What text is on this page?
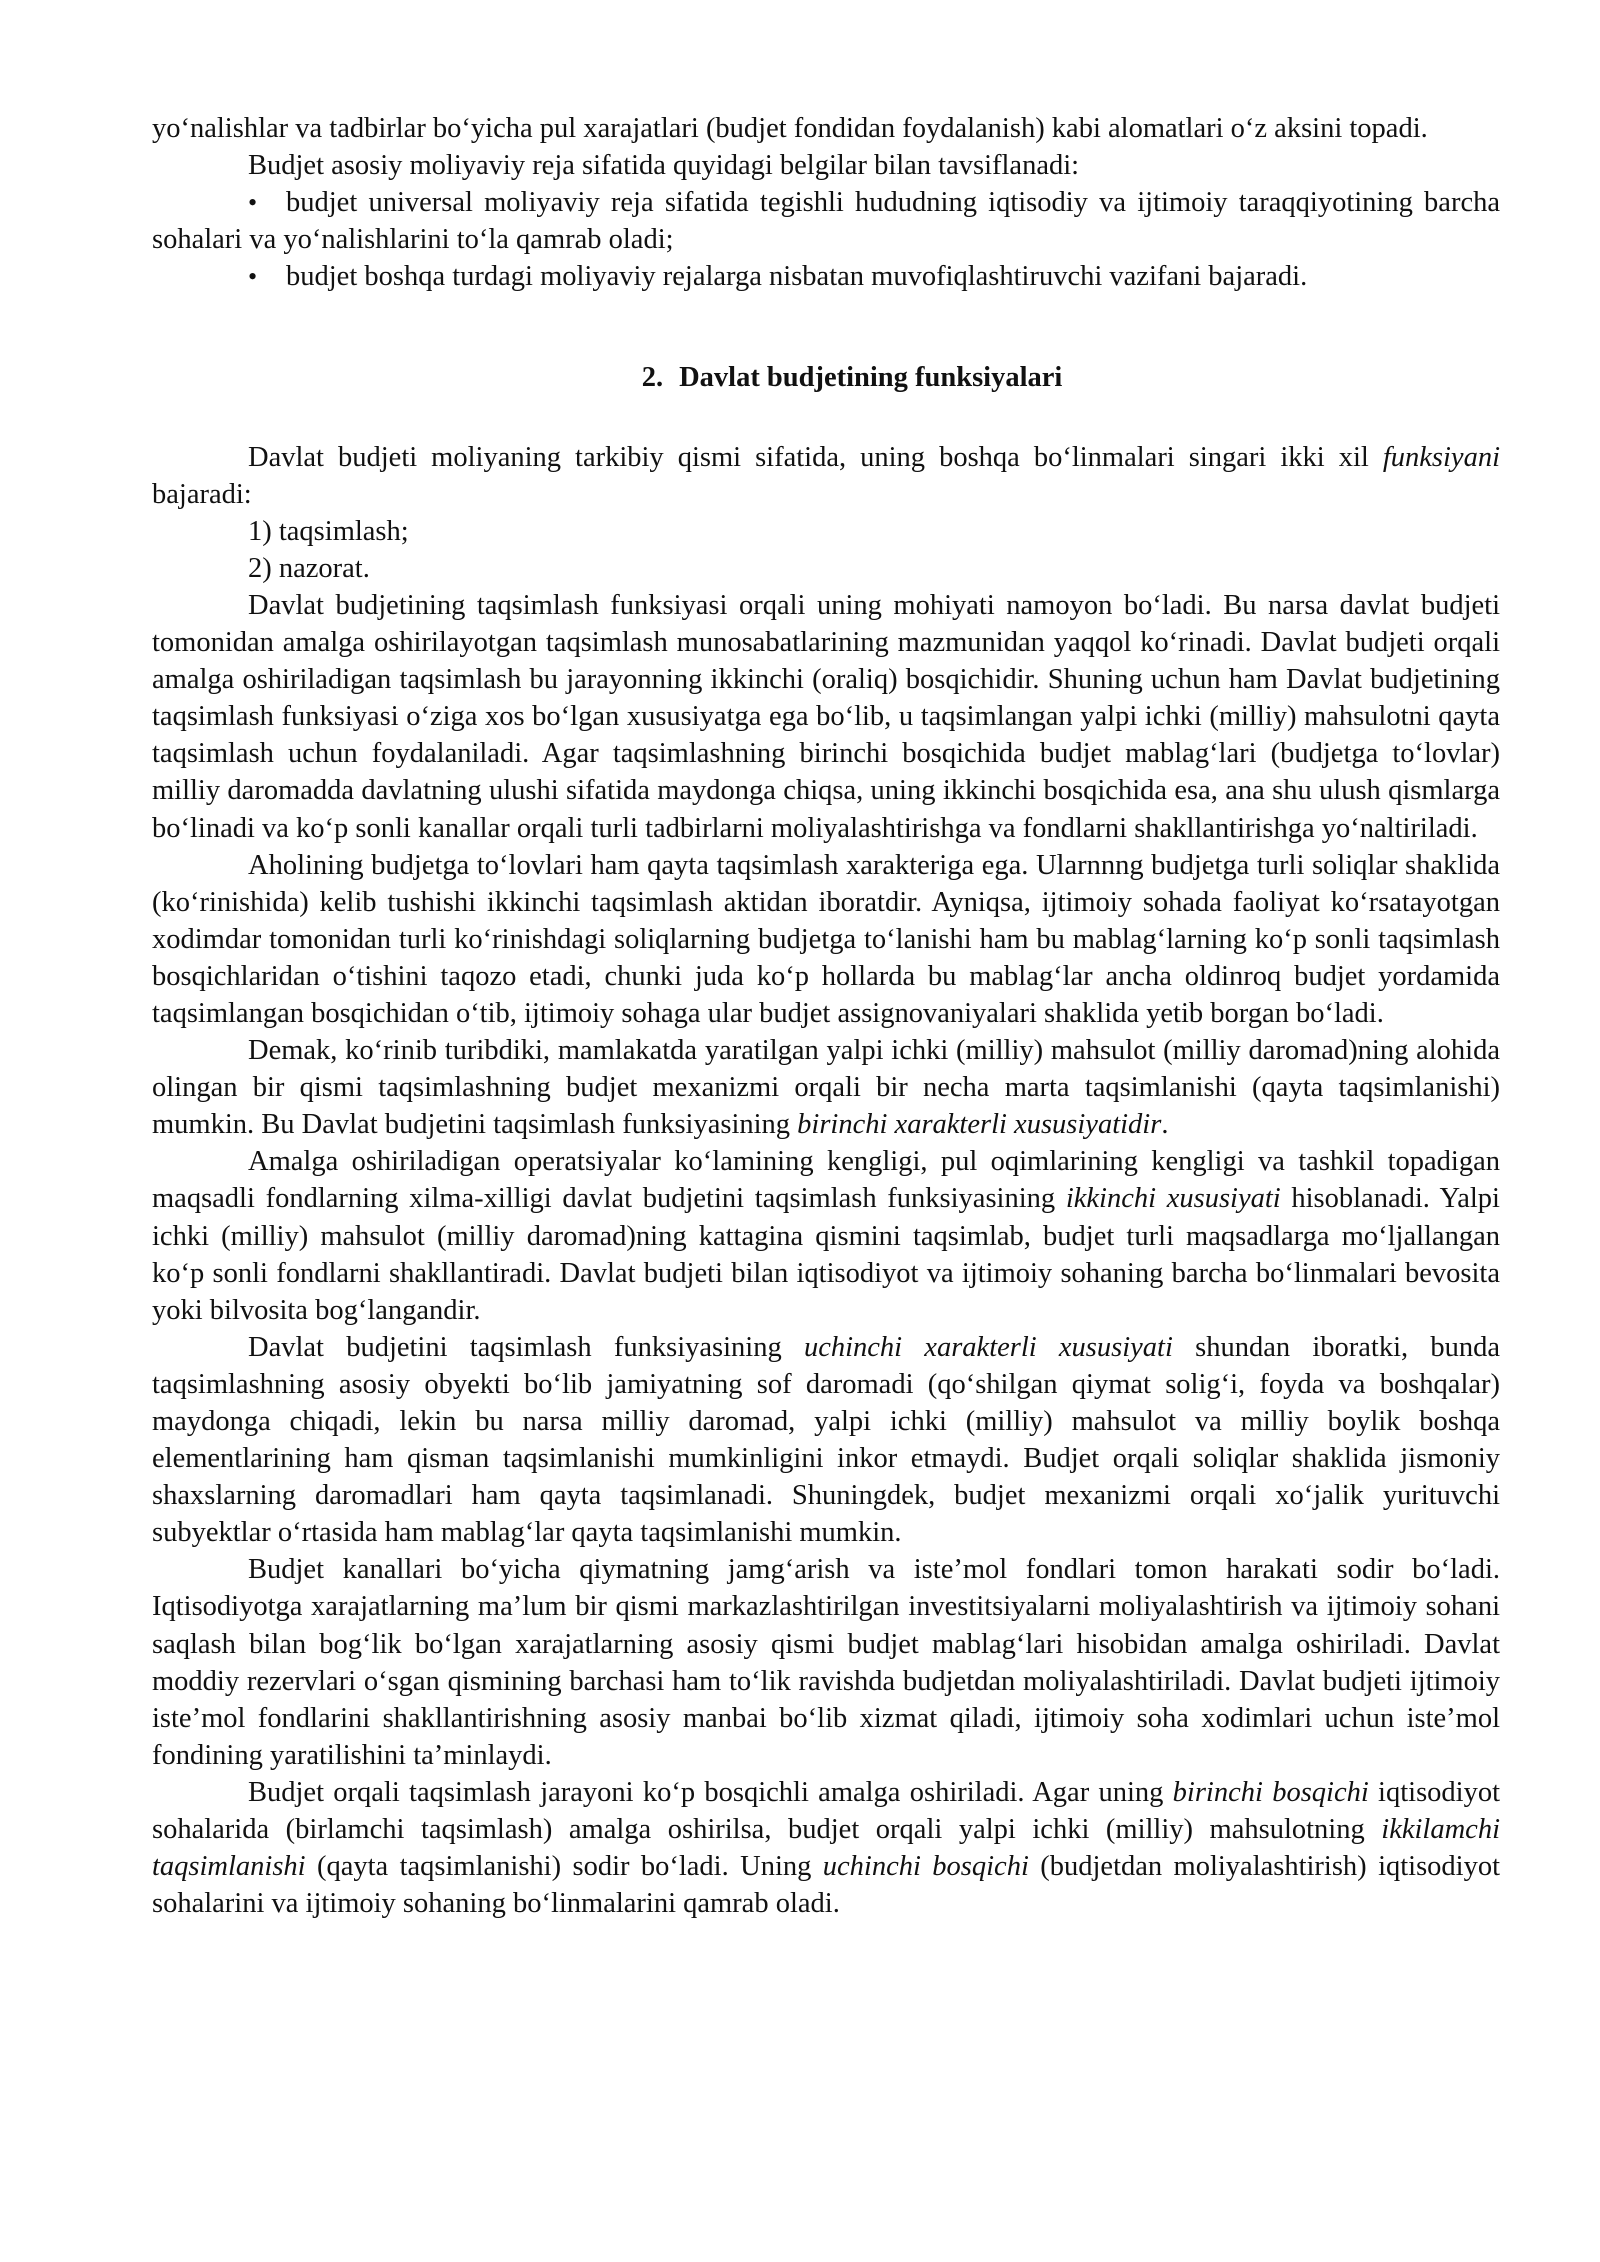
yo‘nalishlar va tadbirlar bo‘yicha pul xarajatlari (budjet fondidan foydalanish) kabi alomatlari o‘z aksini topadi.

Budjet asosiy moliyaviy reja sifatida quyidagi belgilar bilan tavsiflanadi:

• budjet universal moliyaviy reja sifatida tegishli hududning iqtisodiy va ijtimoiy taraqqiyotining barcha sohalari va yo‘nalishlarini to‘la qamrab oladi;

• budjet boshqa turdagi moliyaviy rejalarga nisbatan muvofiqlashtiruvchi vazifani bajaradi.

2. Davlat budjetining funksiyalari

Davlat budjeti moliyaning tarkibiy qismi sifatida, uning boshqa bo‘linmalari singari ikki xil funksiyani bajaradi:

1) taqsimlash;

2) nazorat.

Davlat budjetining taqsimlash funksiyasi orqali uning mohiyati namoyon bo‘ladi. Bu narsa davlat budjeti tomonidan amalga oshirilayotgan taqsimlash munosabatlarining mazmunidan yaqqol ko‘rinadi. Davlat budjeti orqali amalga oshiriladigan taqsimlash bu jarayonning ikkinchi (oraliq) bosqichidir. Shuning uchun ham Davlat budjetining taqsimlash funksiyasi o‘ziga xos bo‘lgan xususiyatga ega bo‘lib, u taqsimlangan yalpi ichki (milliy) mahsulotni qayta taqsimlash uchun foydalaniladi. Agar taqsimlashning birinchi bosqichida budjet mablag‘lari (budjetga to‘lovlar) milliy daromadda davlatning ulushi sifatida maydonga chiqsa, uning ikkinchi bosqichida esa, ana shu ulush qismlarga bo‘linadi va ko‘p sonli kanallar orqali turli tadbirlarni moliyalashtirishga va fondlarni shakllantirishga yo‘naltiriladi.

Aholining budjetga to‘lovlari ham qayta taqsimlash xarakteriga ega. Ularnnng budjetga turli soliqlar shaklida (ko‘rinishida) kelib tushishi ikkinchi taqsimlash aktidan iboratdir. Ayniqsa, ijtimoiy sohada faoliyat ko‘rsatayotgan xodimdar tomonidan turli ko‘rinishdagi soliqlarning budjetga to‘lanishi ham bu mablag‘larning ko‘p sonli taqsimlash bosqichlaridan o‘tishini taqozo etadi, chunki juda ko‘p hollarda bu mablag‘lar ancha oldinroq budjet yordamida taqsimlangan bosqichidan o‘tib, ijtimoiy sohaga ular budjet assignovaniyalari shaklida yetib borgan bo‘ladi.

Demak, ko‘rinib turibdiki, mamlakatda yaratilgan yalpi ichki (milliy) mahsulot (milliy daromad)ning alohida olingan bir qismi taqsimlashning budjet mexanizmi orqali bir necha marta taqsimlanishi (qayta taqsimlanishi) mumkin. Bu Davlat budjetini taqsimlash funksiyasining birinchi xarakterli xususiyatidir.

Amalga oshiriladigan operatsiyalar ko‘lamining kengligi, pul oqimlarining kengligi va tashkil topadigan maqsadli fondlarning xilma-xilligi davlat budjetini taqsimlash funksiyasining ikkinchi xususiyati hisoblanadi. Yalpi ichki (milliy) mahsulot (milliy daromad)ning kattagina qismini taqsimlab, budjet turli maqsadlarga mo‘ljallangan ko‘p sonli fondlarni shakllantiradi. Davlat budjeti bilan iqtisodiyot va ijtimoiy sohaning barcha bo‘linmalari bevosita yoki bilvosita bog‘langandir.

Davlat budjetini taqsimlash funksiyasining uchinchi xarakterli xususiyati shundan iboratki, bunda taqsimlashning asosiy obyekti bo‘lib jamiyatning sof daromadi (qo‘shilgan qiymat solig‘i, foyda va boshqalar) maydonga chiqadi, lekin bu narsa milliy daromad, yalpi ichki (milliy) mahsulot va milliy boylik boshqa elementlarining ham qisman taqsimlanishi mumkinligini inkor etmaydi. Budjet orqali soliqlar shaklida jismoniy shaxslarning daromadlari ham qayta taqsimlanadi. Shuningdek, budjet mexanizmi orqali xo‘jalik yurituvchi subyektlar o‘rtasida ham mablag‘lar qayta taqsimlanishi mumkin.

Budjet kanallari bo‘yicha qiymatning jamg‘arish va iste’mol fondlari tomon harakati sodir bo‘ladi. Iqtisodiyotga xarajatlarning ma’lum bir qismi markazlashtirilgan investitsiyalarni moliyalashtirish va ijtimoiy sohani saqlash bilan bog‘lik bo‘lgan xarajatlarning asosiy qismi budjet mablag‘lari hisobidan amalga oshiriladi. Davlat moddiy rezervlari o‘sgan qismining barchasi ham to‘lik ravishda budjetdan moliyalashtiriladi. Davlat budjeti ijtimoiy iste’mol fondlarini shakllantirishning asosiy manbai bo‘lib xizmat qiladi, ijtimoiy soha xodimlari uchun iste’mol fondining yaratilishini ta’minlaydi.

Budjet orqali taqsimlash jarayoni ko‘p bosqichli amalga oshiriladi. Agar uning birinchi bosqichi iqtisodiyot sohalarida (birlamchi taqsimlash) amalga oshirilsa, budjet orqali yalpi ichki (milliy) mahsulotning ikkilamchi taqsimlanishi (qayta taqsimlanishi) sodir bo‘ladi. Uning uchinchi bosqichi (budjetdan moliyalashtirish) iqtisodiyot sohalarini va ijtimoiy sohaning bo‘linmalarini qamrab oladi.
